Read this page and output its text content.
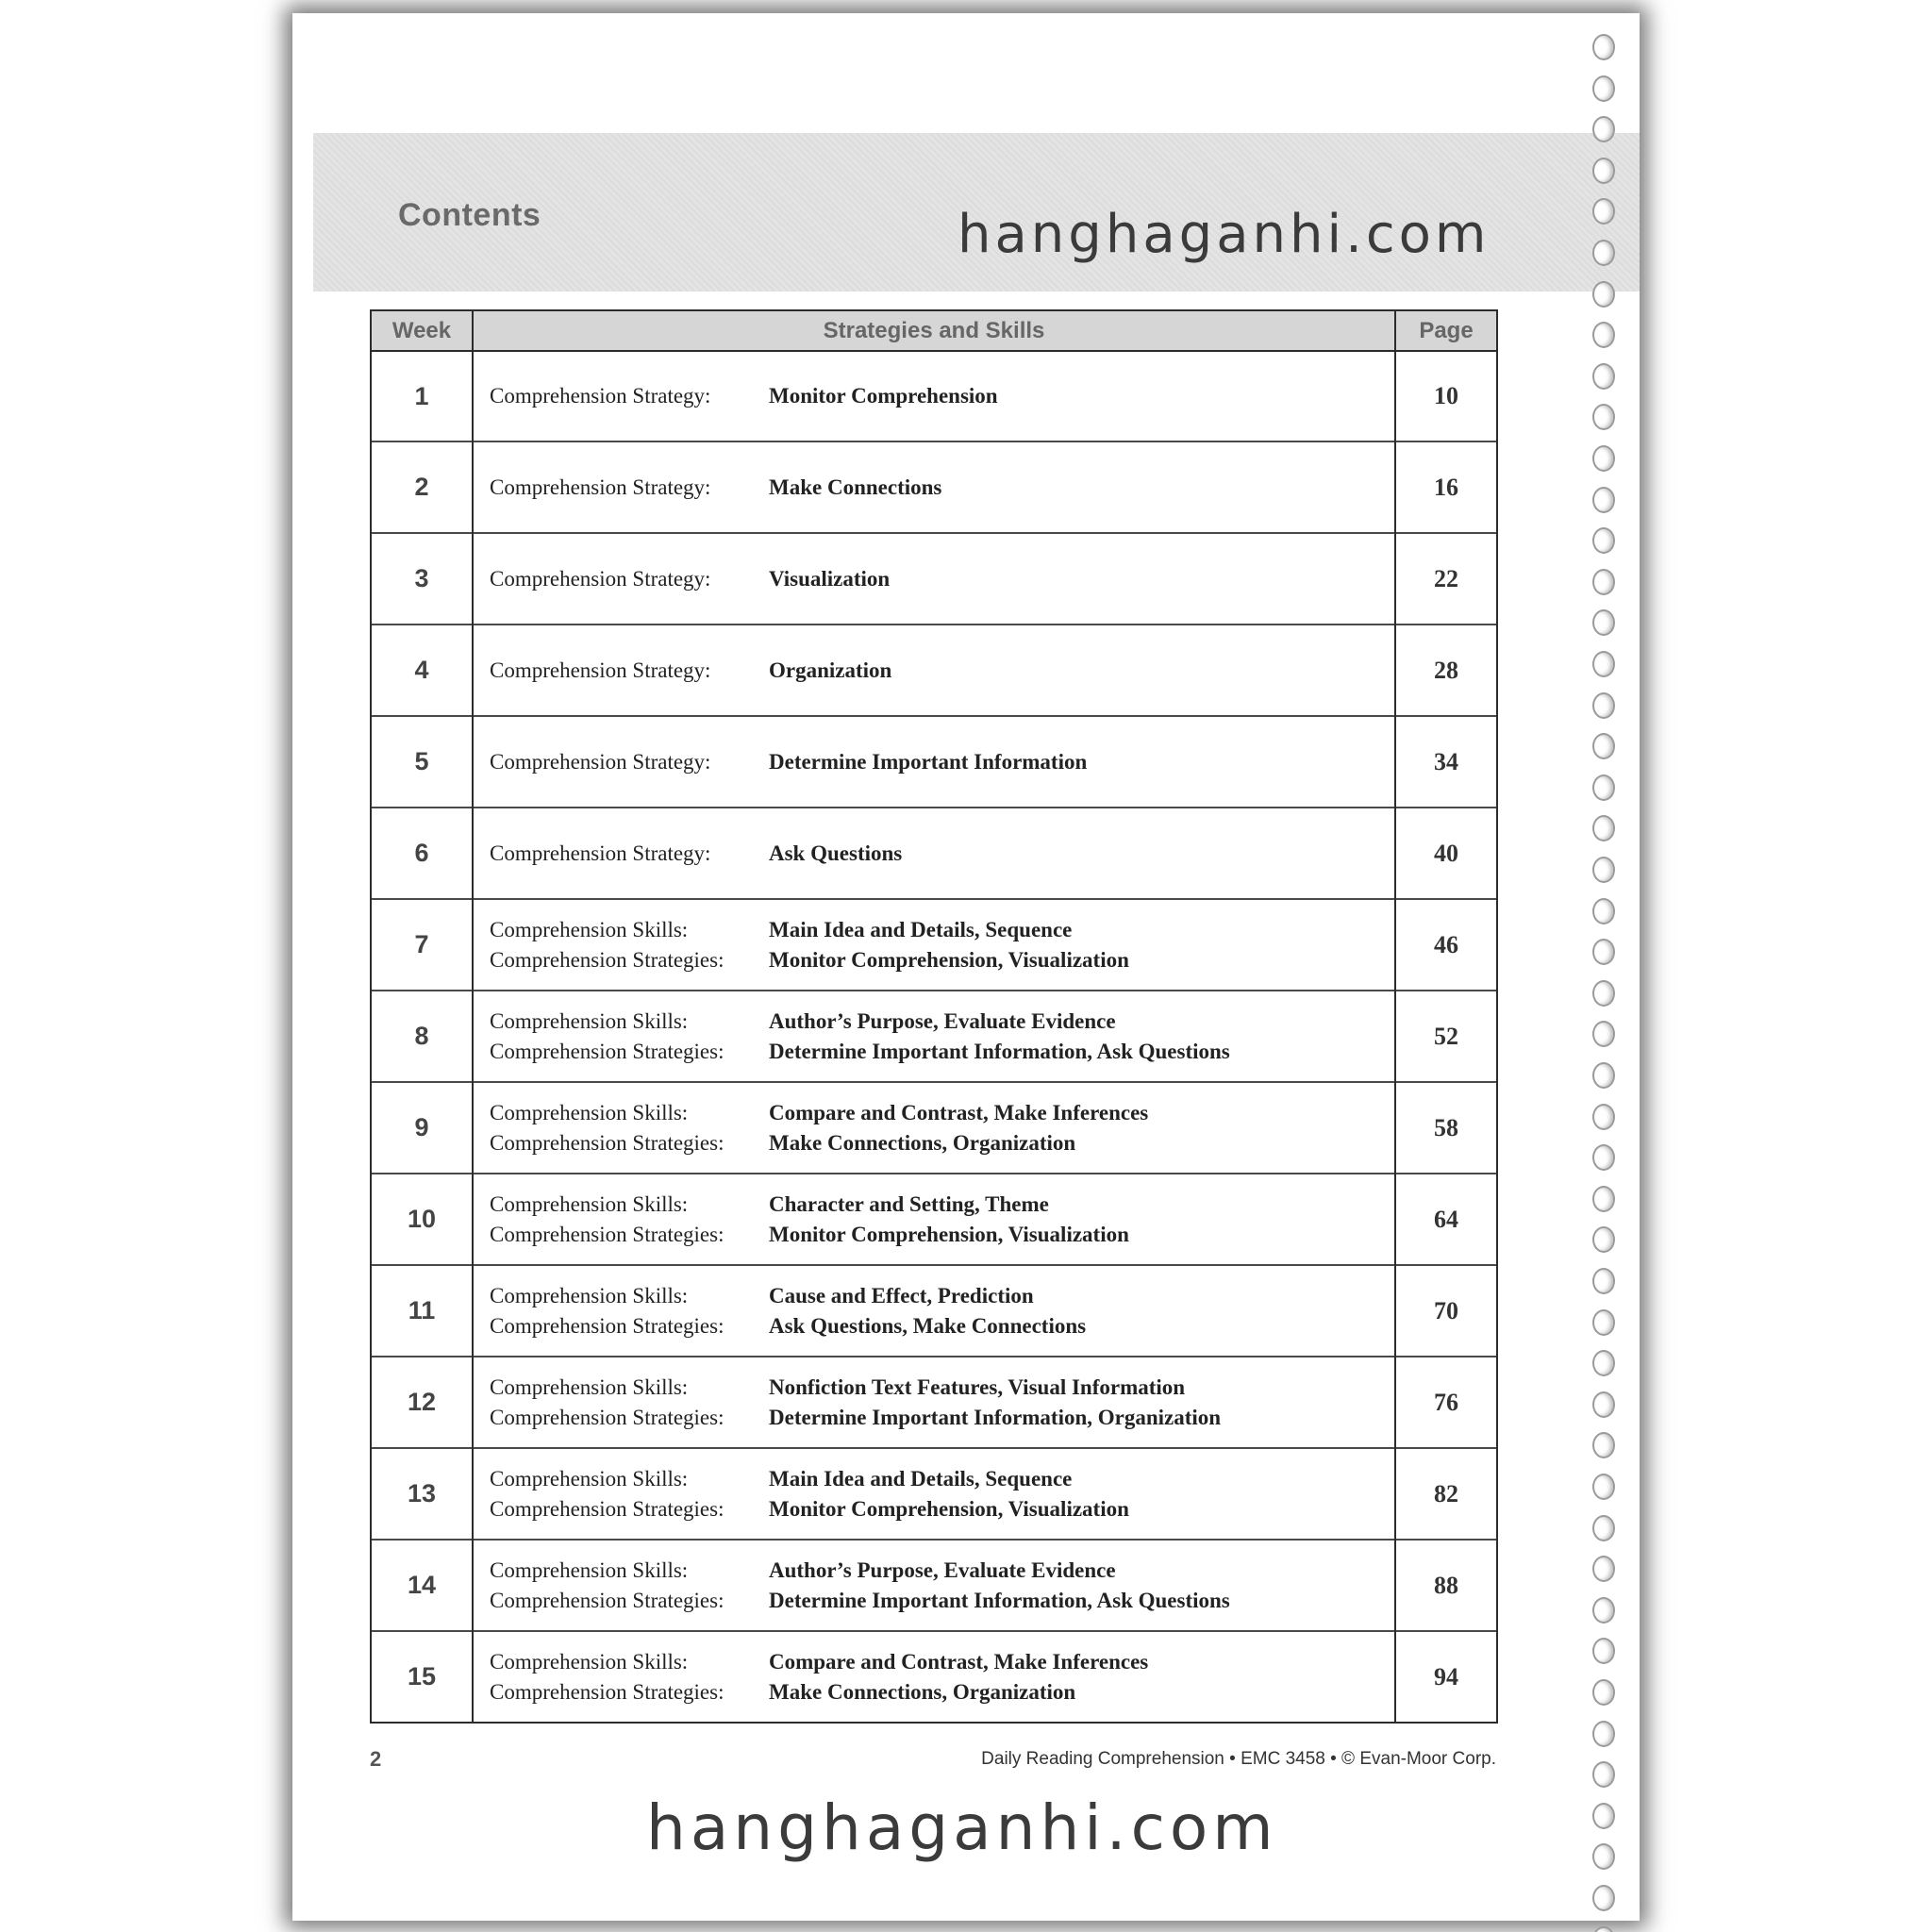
Contents	hanghaganhi.com
Week	Strategies and Skills	Page
1	Comprehension Strategy: Monitor Comprehension	10
2	Comprehension Strategy: Make Connections	16
3	Comprehension Strategy: Visualization	22
4	Comprehension Strategy: Organization	28
5	Comprehension Strategy: Determine Important Information	34
6	Comprehension Strategy: Ask Questions	40
7	Comprehension Skills: Main Idea and Details, Sequence
Comprehension Strategies: Monitor Comprehension, Visualization	46
8	Comprehension Skills: Author’s Purpose, Evaluate Evidence
Comprehension Strategies: Determine Important Information, Ask Questions	52
9	Comprehension Skills: Compare and Contrast, Make Inferences
Comprehension Strategies: Make Connections, Organization	58
10	Comprehension Skills: Character and Setting, Theme
Comprehension Strategies: Monitor Comprehension, Visualization	64
11	Comprehension Skills: Cause and Effect, Prediction
Comprehension Strategies: Ask Questions, Make Connections	70
12	Comprehension Skills: Nonfiction Text Features, Visual Information
Comprehension Strategies: Determine Important Information, Organization	76
13	Comprehension Skills: Main Idea and Details, Sequence
Comprehension Strategies: Monitor Comprehension, Visualization	82
14	Comprehension Skills: Author’s Purpose, Evaluate Evidence
Comprehension Strategies: Determine Important Information, Ask Questions	88
15	Comprehension Skills: Compare and Contrast, Make Inferences
Comprehension Strategies: Make Connections, Organization	94
2	Daily Reading Comprehension • EMC 3458 • © Evan-Moor Corp.
hanghaganhi.com
